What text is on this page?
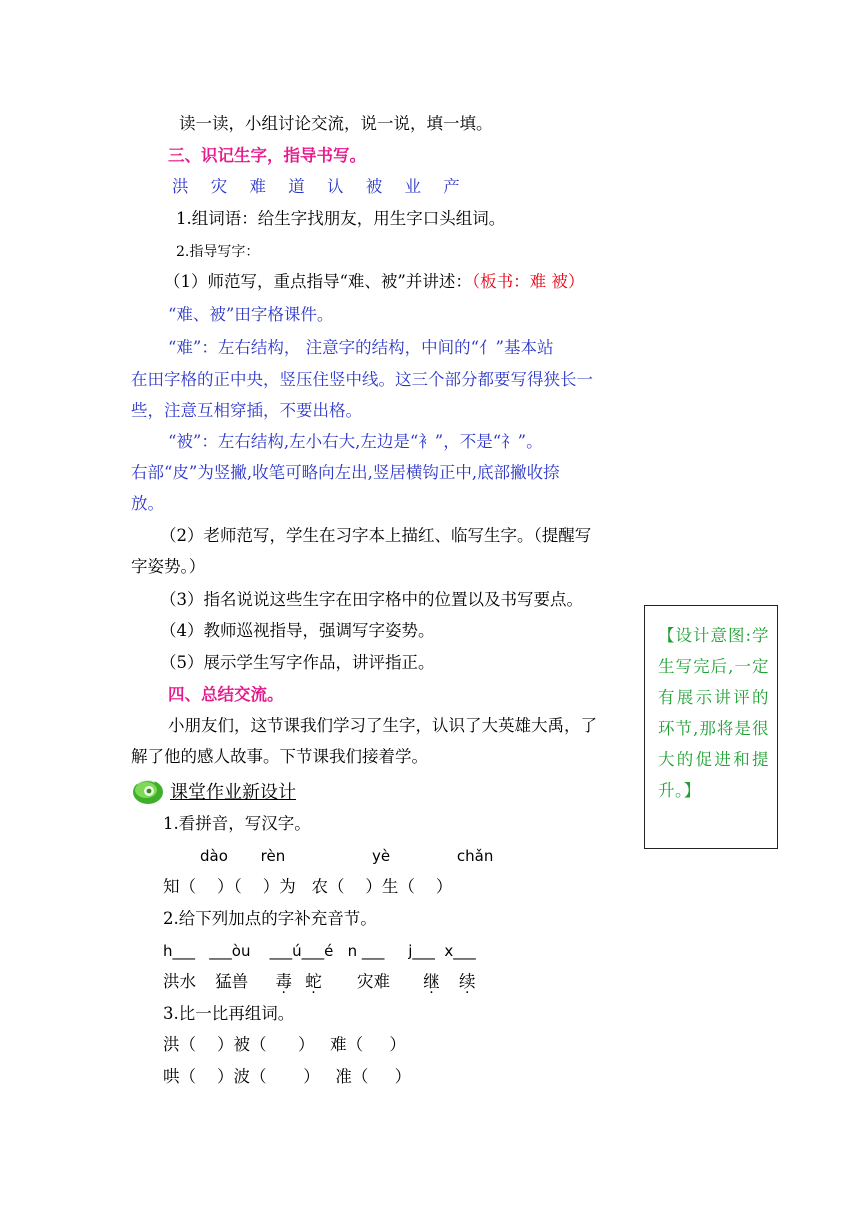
读一读，小组讨论交流，说一说，填一填。
三、识记生字，指导书写。
洪 灾 难 道 认 被 业 产
1.组词语：给生字找朋友，用生字口头组词。
2.指导写字：
（1）师范写，重点指导“难、被”并讲述：（板书：难 被）
“难、被”田字格课件。
“难”：左右结构， 注意字的结构，中间的“亻”基本站
在田字格的正中央，竖压住竖中线。这三个部分都要写得狭长一
些，注意互相穿插，不要出格。
“被”：左右结构,左小右大,左边是“衤”，不是“礻”。
右部“皮”为竖撇,收笔可略向左出,竖居横钩正中,底部撇收捺
放。
（2）老师范写，学生在习字本上描红、临写生字。（提醒写
字姿势。）
（3）指名说说这些生字在田字格中的位置以及书写要点。
（4）教师巡视指导，强调写字姿势。
（5）展示学生写字作品，讲评指正。
四、总结交流。
小朋友们，这节课我们学习了生字，认识了大英雄大禹，了
解了他的感人故事。下节课我们接着学。
【设计意图:学生写完后,一定有展示讲评的环节,那将是很大的促进和提升。】
课堂作业新设计
1.看拼音，写汉字。
dào rèn	yè	chǎn
知（    ）（    ）为   农（    ）生（    ）
2.给下列加点的字补充音节。
h___   ___òu    ___ú___é   n ___     j___  x___
洪水 猛兽 毒 蛇 灾难 继 续
3.比一比再组词。
洪（    ）被（      ）   难（     ）
哄（    ）波（       ）   准（     ）
